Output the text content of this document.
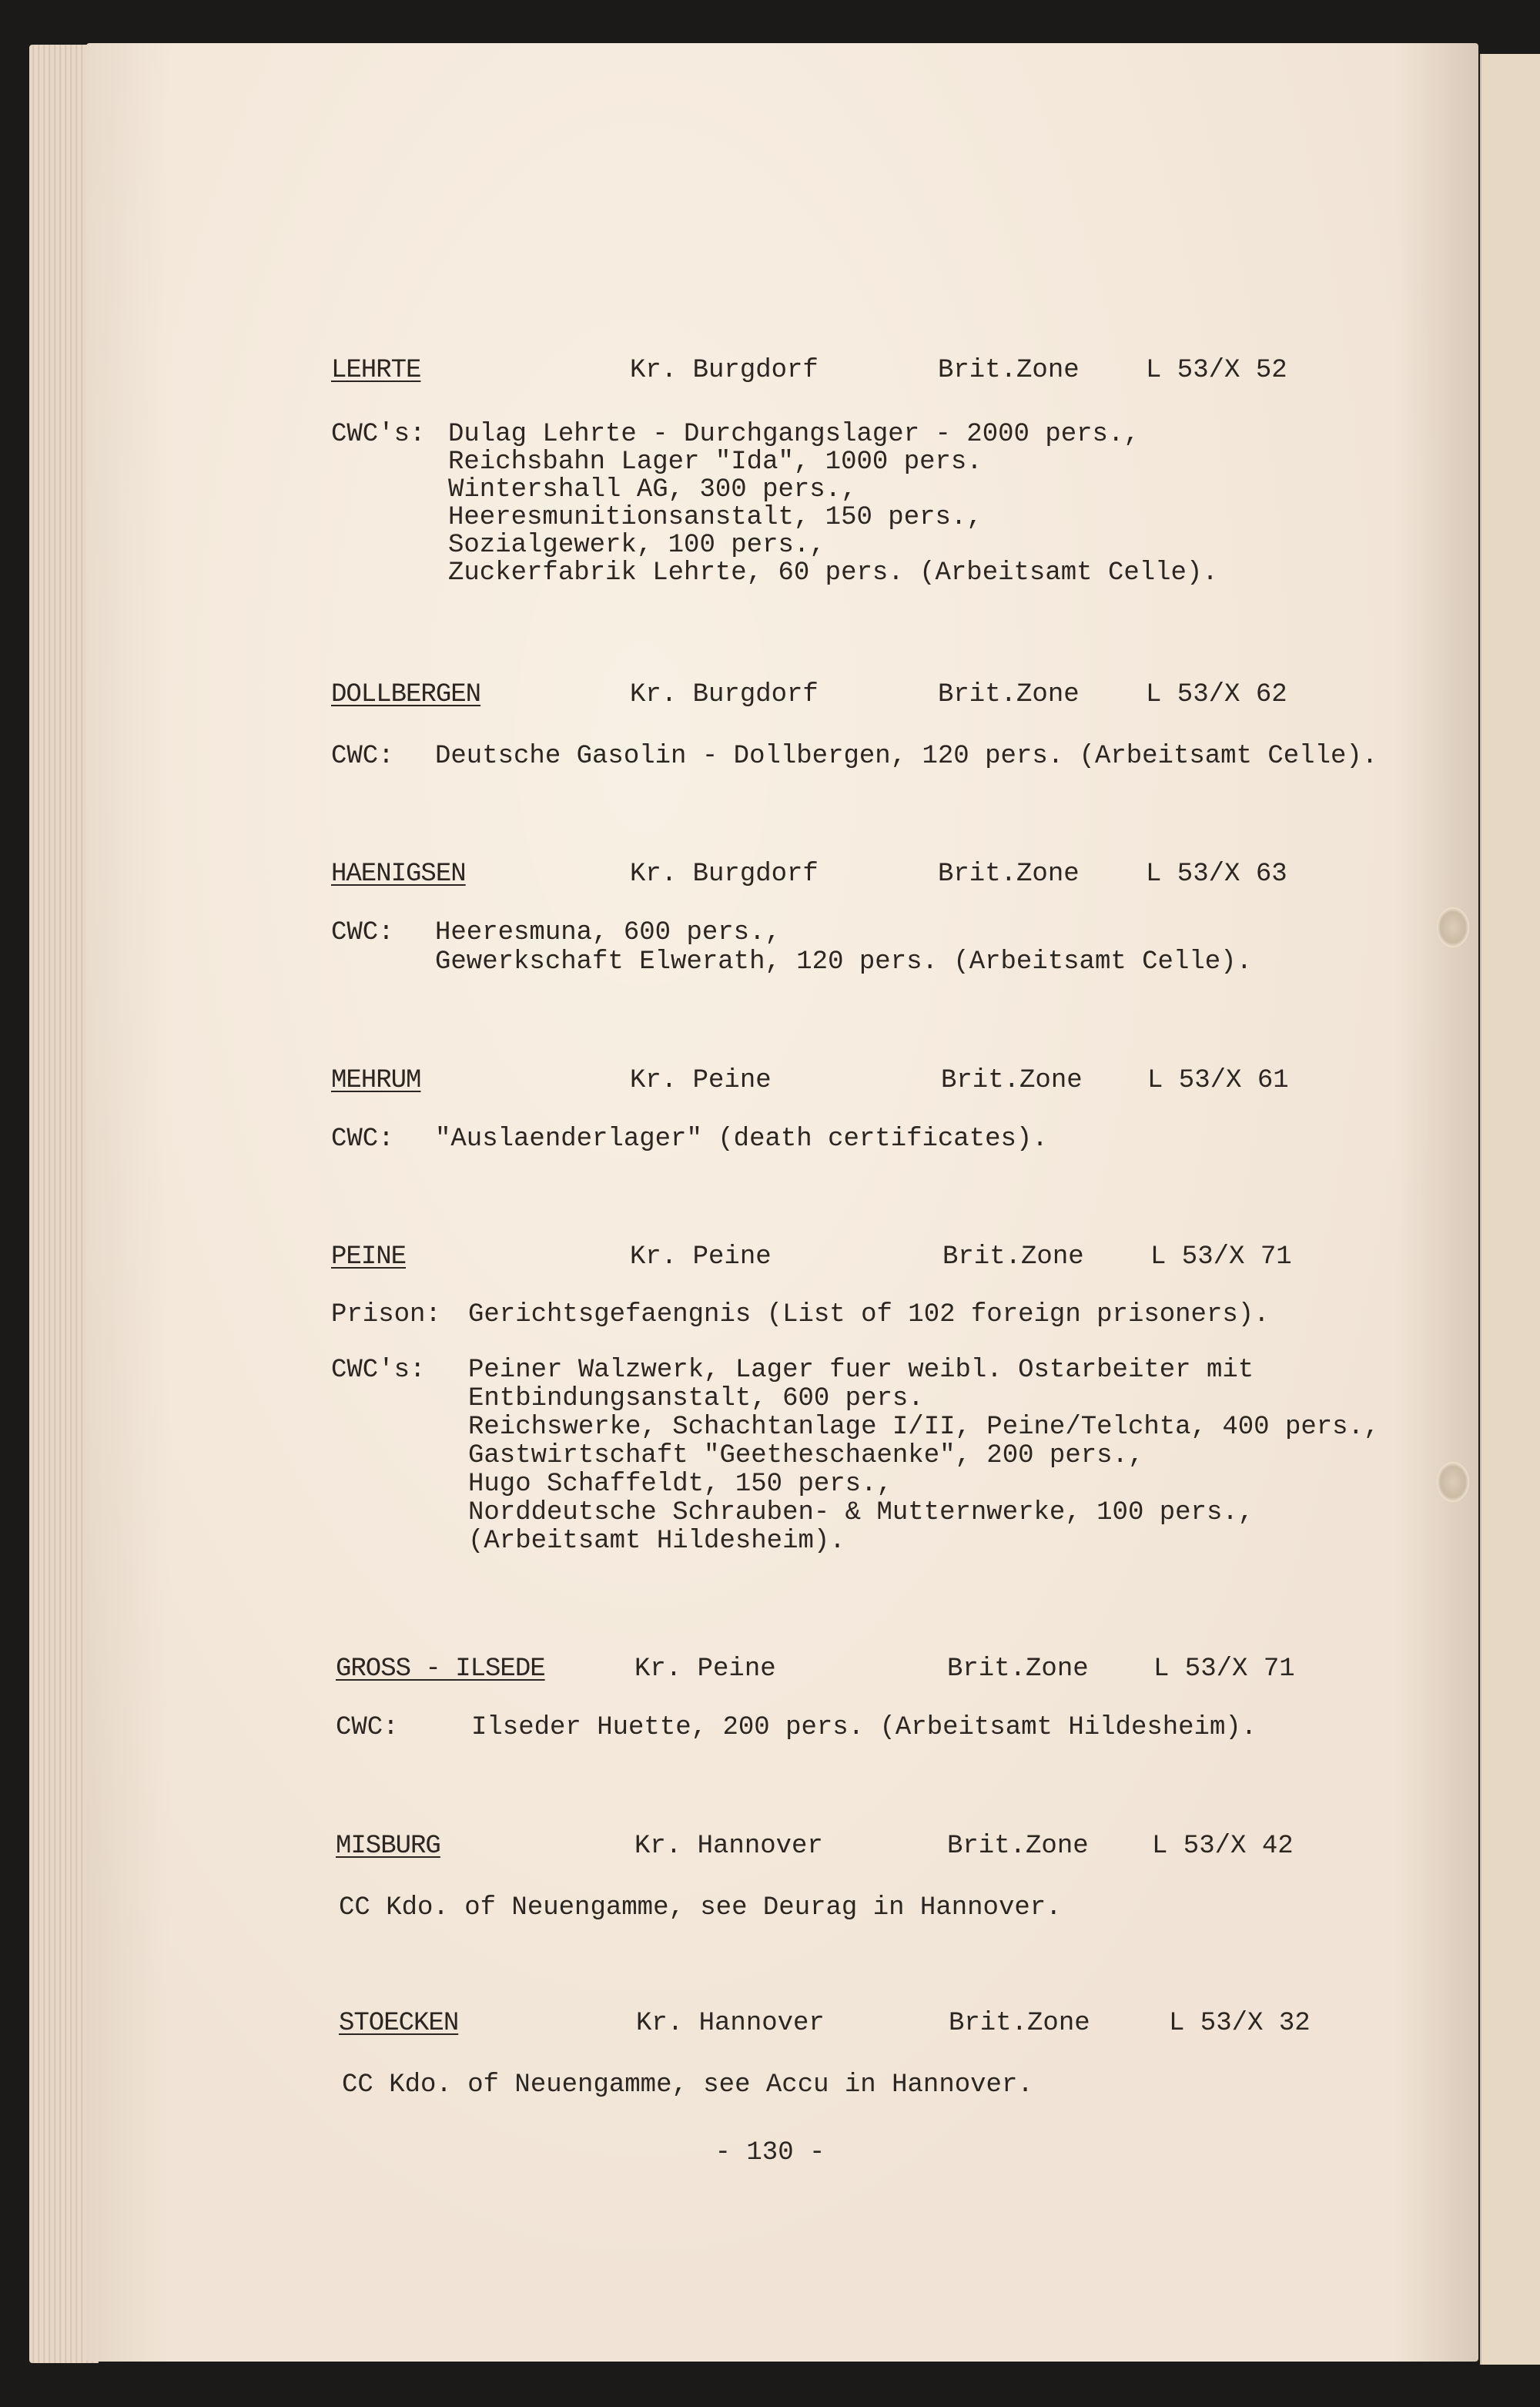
LEHRTE	Kr. Burgdorf	Brit.Zone	L 53/X 52
CWC's: Dulag Lehrte - Durchgangslager - 2000 pers.,
Reichsbahn Lager "Ida", 1000 pers.
Wintershall AG, 300 pers.,
Heeresmunitionsanstalt, 150 pers.,
Sozialgewerk, 100 pers.,
Zuckerfabrik Lehrte, 60 pers. (Arbeitsamt Celle).
DOLLBERGEN	Kr. Burgdorf	Brit.Zone	L 53/X 62
CWC: Deutsche Gasolin - Dollbergen, 120 pers. (Arbeitsamt Celle).
HAENIGSEN	Kr. Burgdorf	Brit.Zone	L 53/X 63
CWC: Heeresmuna, 600 pers.,
Gewerkschaft Elwerath, 120 pers. (Arbeitsamt Celle).
MEHRUM	Kr. Peine	Brit.Zone L 53/X 61
CWC: "Auslaenderlager" (death certificates).
PEINE	Kr. Peine	Brit.Zone	L 53/X 71
Prison: Gerichtsgefaengnis (List of 102 foreign prisoners).
CWC's: Peiner Walzwerk, Lager fuer weibl. Ostarbeiter mit
Entbindungsanstalt, 600 pers.
Reichswerke, Schachtanlage I/II, Peine/Telchta, 400 pers.,
Gastwirtschaft "Geetheschaenke", 200 pers.,
Hugo Schaffeldt, 150 pers.,
Norddeutsche Schrauben- & Mutternwerke, 100 pers.,
(Arbeitsamt Hildesheim).
GROSS - ILSEDE	Kr. Peine	Brit.Zone L 53/X 71
CWC:	Ilseder Huette, 200 pers. (Arbeitsamt Hildesheim).
MISBURG	Kr. Hannover	Brit.Zone L 53/X 42
CC Kdo. of Neuengamme, see Deurag in Hannover.
STOECKEN	Kr. Hannover	Brit.Zone	L 53/X 32
CC Kdo. of Neuengamme, see Accu in Hannover.
- 130 -
